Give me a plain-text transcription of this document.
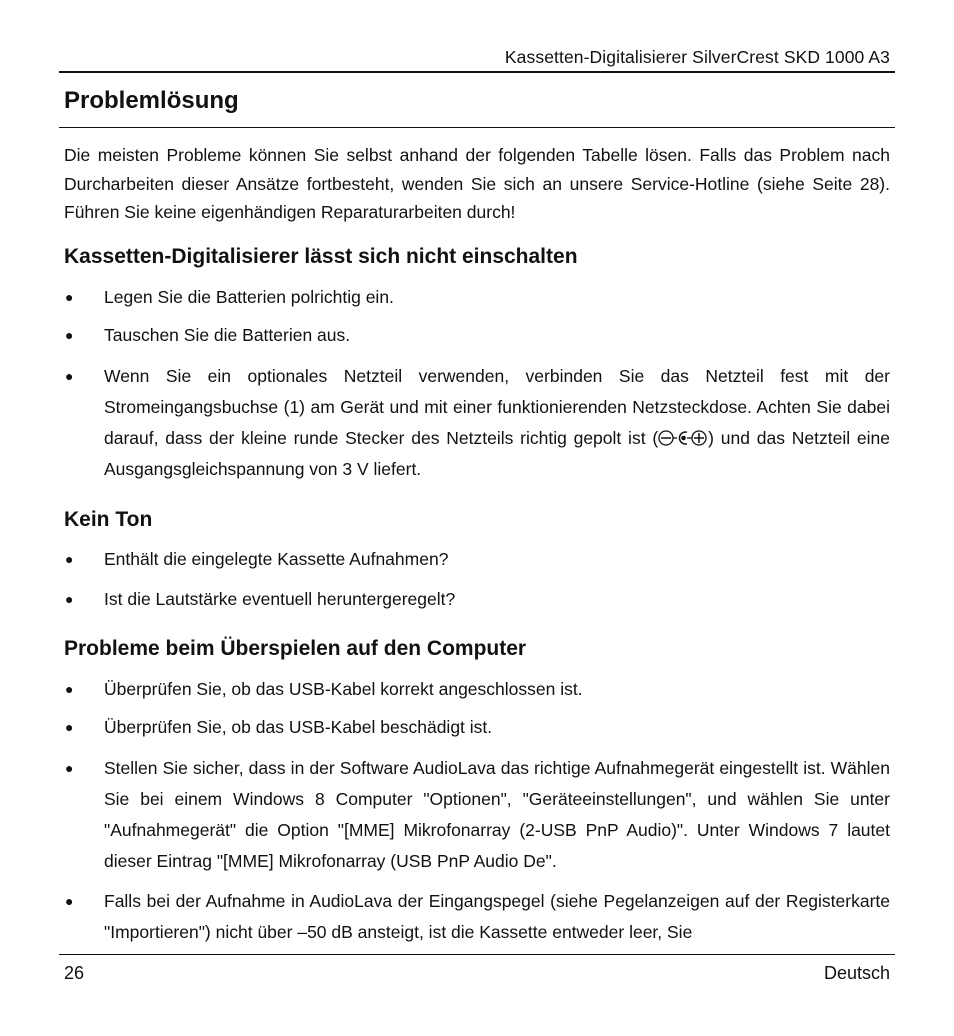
Kassetten-Digitalisierer SilverCrest SKD 1000 A3
Problemlösung

Die meisten Probleme können Sie selbst anhand der folgenden Tabelle lösen. Falls das Problem nach Durcharbeiten dieser Ansätze fortbesteht, wenden Sie sich an unsere Service-Hotline (siehe Seite 28). Führen Sie keine eigenhändigen Reparaturarbeiten durch!

Kassetten-Digitalisierer lässt sich nicht einschalten
● Legen Sie die Batterien polrichtig ein.
● Tauschen Sie die Batterien aus.
● Wenn Sie ein optionales Netzteil verwenden, verbinden Sie das Netzteil fest mit der Stromeingangsbuchse (1) am Gerät und mit einer funktionierenden Netzsteckdose. Achten Sie dabei darauf, dass der kleine runde Stecker des Netzteils richtig gepolt ist (	) und das Netzteil eine Ausgangsgleichspannung von 3 V liefert.
Kein Ton
● Enthält die eingelegte Kassette Aufnahmen?
● Ist die Lautstärke eventuell heruntergeregelt?
Probleme beim Überspielen auf den Computer
● Überprüfen Sie, ob das USB-Kabel korrekt angeschlossen ist.
● Überprüfen Sie, ob das USB-Kabel beschädigt ist.
● Stellen Sie sicher, dass in der Software AudioLava das richtige Aufnahmegerät eingestellt ist. Wählen Sie bei einem Windows 8 Computer "Optionen", "Geräteeinstellungen", und wählen Sie unter "Aufnahmegerät" die Option "[MME] Mikrofonarray (2-USB PnP Audio)". Unter Windows 7 lautet dieser Eintrag "[MME] Mikrofonarray (USB PnP Audio De".
● Falls bei der Aufnahme in AudioLava der Eingangspegel (siehe Pegelanzeigen auf der Registerkarte "Importieren") nicht über –50 dB ansteigt, ist die Kassette entweder leer, Sie
26	Deutsch
